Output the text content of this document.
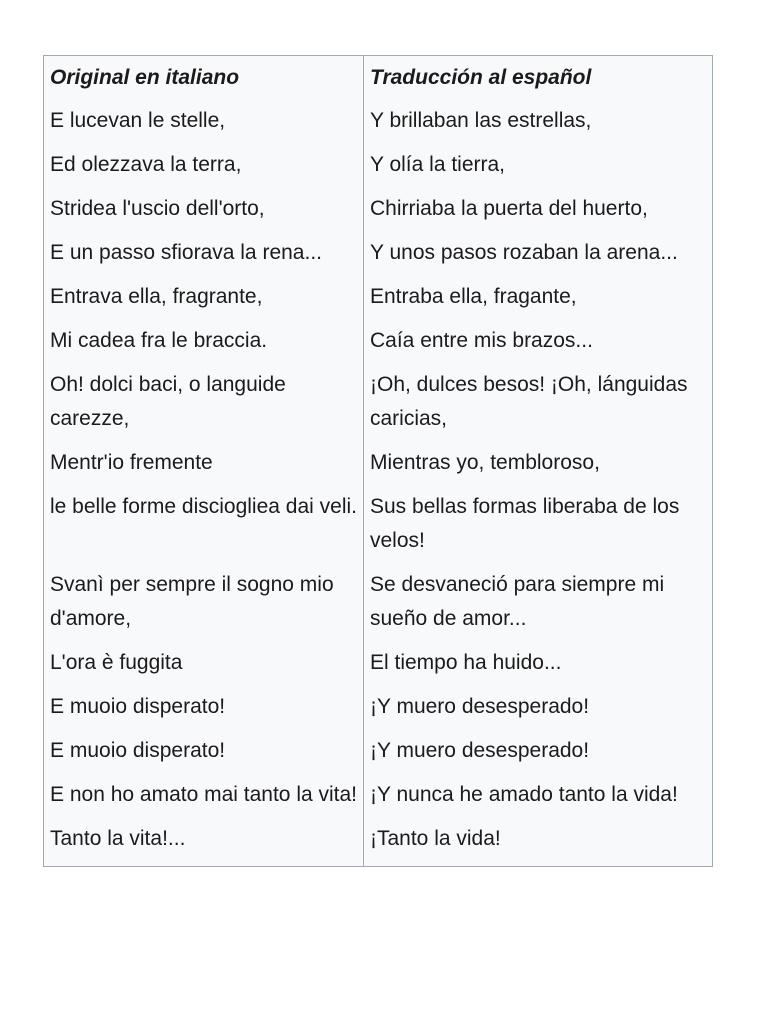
Original en italiano	Traducción al español
E lucevan le stelle,	Y brillaban las estrellas,
Ed olezzava la terra,	Y olía la tierra,
Stridea l'uscio dell'orto,	Chirriaba la puerta del huerto,
E un passo sfiorava la rena...	Y unos pasos rozaban la arena...
Entrava ella, fragrante,	Entraba ella, fragante,
Mi cadea fra le braccia.	Caía entre mis brazos...
Oh! dolci baci, o languide carezze,	¡Oh, dulces besos! ¡Oh, lánguidas caricias,
Mentr'io fremente	Mientras yo, tembloroso,
le belle forme disciogliea dai veli.	Sus bellas formas liberaba de los velos!
Svanì per sempre il sogno mio d'amore,	Se desvaneció para siempre mi sueño de amor...
L'ora è fuggita	El tiempo ha huido...
E muoio disperato!	¡Y muero desesperado!
E muoio disperato!	¡Y muero desesperado!
E non ho amato mai tanto la vita!	¡Y nunca he amado tanto la vida!
Tanto la vita!...	¡Tanto la vida!
